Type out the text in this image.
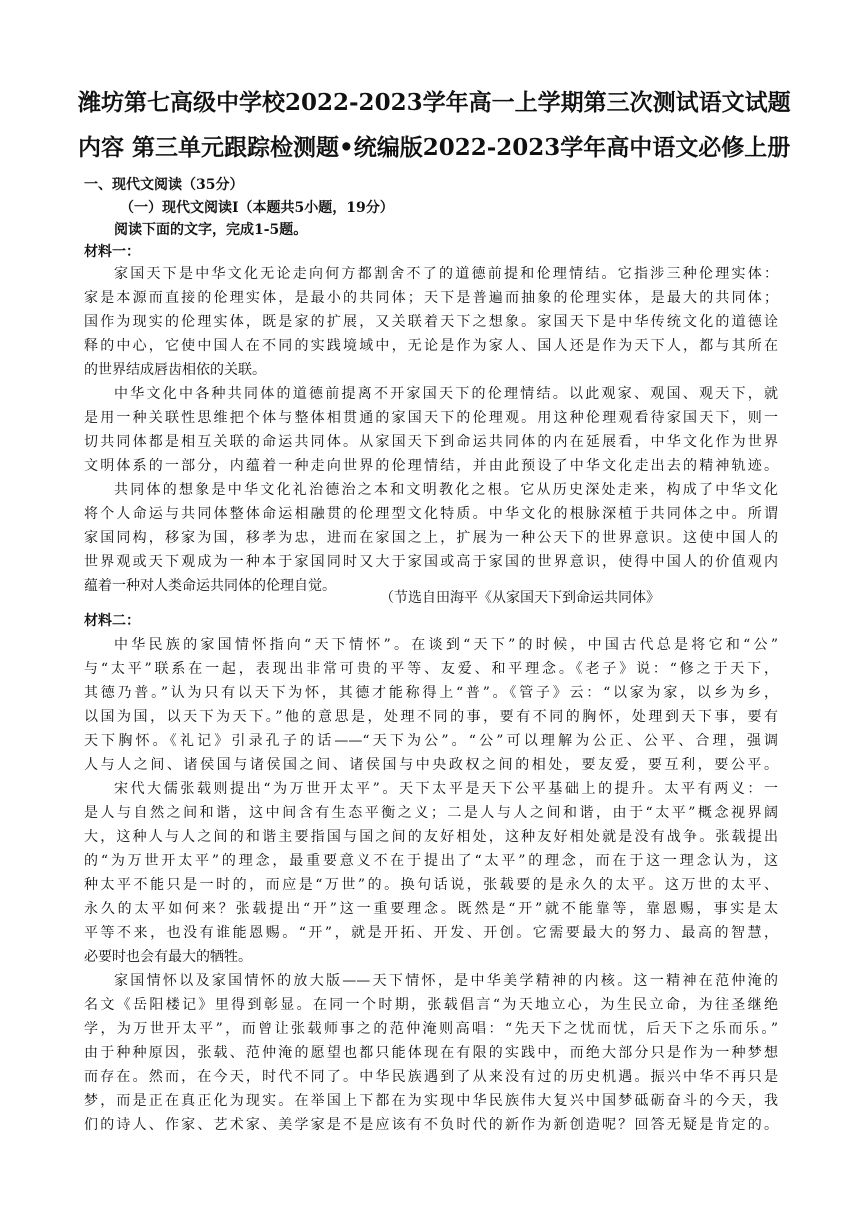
潍坊第七高级中学校2022-2023学年高一上学期第三次测试语文试题
内容 第三单元跟踪检测题•统编版2022-2023学年高中语文必修上册
一、现代文阅读（35分）
（一）现代文阅读Ⅰ（本题共5小题，19分）
阅读下面的文字，完成1-5题。
材料一：
家国天下是中华文化无论走向何方都割舍不了的道德前提和伦理情结。它指涉三种伦理实体：
家是本源而直接的伦理实体，是最小的共同体；天下是普遍而抽象的伦理实体，是最大的共同体；
国作为现实的伦理实体，既是家的扩展，又关联着天下之想象。家国天下是中华传统文化的道德诠
释的中心，它使中国人在不同的实践境域中，无论是作为家人、国人还是作为天下人，都与其所在
的世界结成唇齿相依的关联。
中华文化中各种共同体的道德前提离不开家国天下的伦理情结。以此观家、观国、观天下，就
是用一种关联性思维把个体与整体相贯通的家国天下的伦理观。用这种伦理观看待家国天下，则一
切共同体都是相互关联的命运共同体。从家国天下到命运共同体的内在延展看，中华文化作为世界
文明体系的一部分，内蕴着一种走向世界的伦理情结，并由此预设了中华文化走出去的精神轨迹。
共同体的想象是中华文化礼治德治之本和文明教化之根。它从历史深处走来，构成了中华文化
将个人命运与共同体整体命运相融贯的伦理型文化特质。中华文化的根脉深植于共同体之中。所谓
家国同构，移家为国，移孝为忠，进而在家国之上，扩展为一种公天下的世界意识。这使中国人的
世界观或天下观成为一种本于家国同时又大于家国或高于家国的世界意识，使得中国人的价值观内
蕴着一种对人类命运共同体的伦理自觉。
（节选自田海平《从家国天下到命运共同体》
材料二：
中华民族的家国情怀指向“天下情怀”。在谈到“天下”的时候，中国古代总是将它和“公”
与“太平”联系在一起，表现出非常可贵的平等、友爱、和平理念。《老子》说：“修之于天下，
其德乃普。”认为只有以天下为怀，其德才能称得上“普”。《管子》云：“以家为家，以乡为乡，
以国为国，以天下为天下。”他的意思是，处理不同的事，要有不同的胸怀，处理到天下事，要有
天下胸怀。《礼记》引录孔子的话——“天下为公”。“公”可以理解为公正、公平、合理，强调
人与人之间、诸侯国与诸侯国之间、诸侯国与中央政权之间的相处，要友爱，要互利，要公平。
宋代大儒张载则提出“为万世开太平”。天下太平是天下公平基础上的提升。太平有两义：一
是人与自然之间和谐，这中间含有生态平衡之义；二是人与人之间和谐，由于“太平”概念视界阔
大，这种人与人之间的和谐主要指国与国之间的友好相处，这种友好相处就是没有战争。张载提出
的“为万世开太平”的理念，最重要意义不在于提出了“太平”的理念，而在于这一理念认为，这
种太平不能只是一时的，而应是“万世”的。换句话说，张载要的是永久的太平。这万世的太平、
永久的太平如何来？张载提出“开”这一重要理念。既然是“开”就不能靠等，靠恩赐，事实是太
平等不来，也没有谁能恩赐。“开”，就是开拓、开发、开创。它需要最大的努力、最高的智慧，
必要时也会有最大的牺牲。
家国情怀以及家国情怀的放大版——天下情怀，是中华美学精神的内核。这一精神在范仲淹的
名文《岳阳楼记》里得到彰显。在同一个时期，张载倡言“为天地立心，为生民立命，为往圣继绝
学，为万世开太平”，而曾让张载师事之的范仲淹则高唱：“先天下之忧而忧，后天下之乐而乐。”
由于种种原因，张载、范仲淹的愿望也都只能体现在有限的实践中，而绝大部分只是作为一种梦想
而存在。然而，在今天，时代不同了。中华民族遇到了从来没有过的历史机遇。振兴中华不再只是
梦，而是正在真正化为现实。在举国上下都在为实现中华民族伟大复兴中国梦砥砺奋斗的今天，我
们的诗人、作家、艺术家、美学家是不是应该有不负时代的新作为新创造呢？回答无疑是肯定的。
